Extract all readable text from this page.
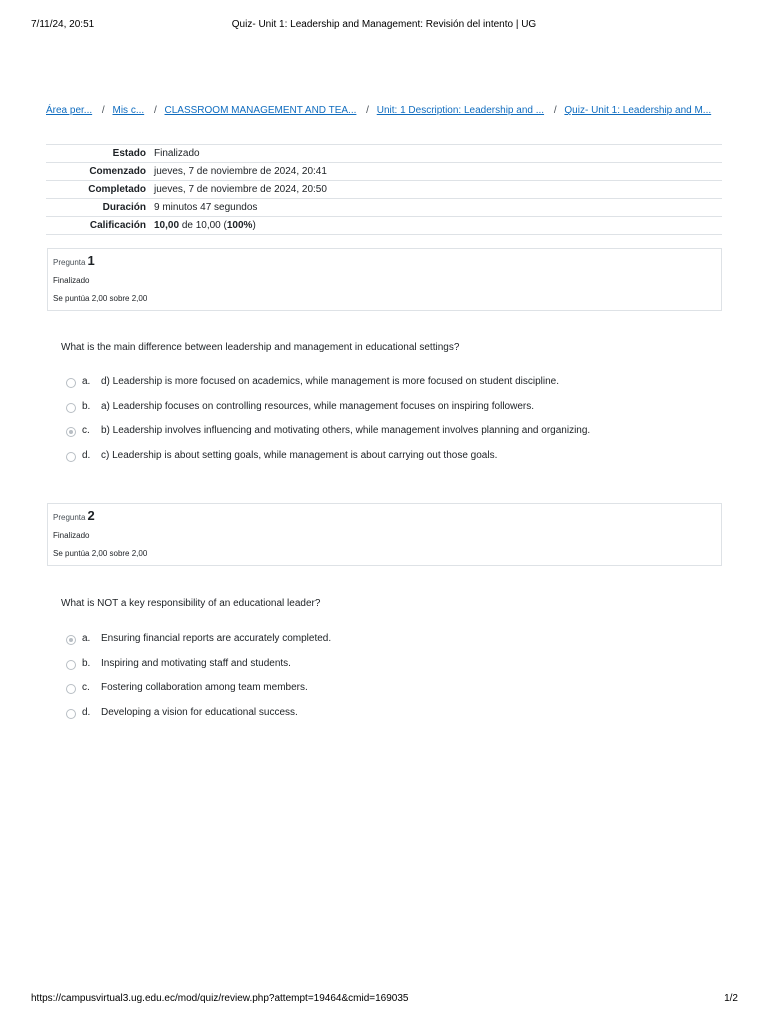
7/11/24, 20:51	Quiz- Unit 1: Leadership and Management: Revisión del intento | UG
Área per... / Mis c... / CLASSROOM MANAGEMENT AND TEA... / Unit: 1 Description: Leadership and ... / Quiz- Unit 1: Leadership and M...
Estado	Finalizado
Comenzado	jueves, 7 de noviembre de 2024, 20:41
Completado	jueves, 7 de noviembre de 2024, 20:50
Duración	9 minutos 47 segundos
Calificación	10,00 de 10,00 (100%)
Pregunta 1
Finalizado
Se puntúa 2,00 sobre 2,00
What is the main difference between leadership and management in educational settings?
a. d) Leadership is more focused on academics, while management is more focused on student discipline.
b. a) Leadership focuses on controlling resources, while management focuses on inspiring followers.
c. b) Leadership involves influencing and motivating others, while management involves planning and organizing.
d. c) Leadership is about setting goals, while management is about carrying out those goals.
Pregunta 2
Finalizado
Se puntúa 2,00 sobre 2,00
What is NOT a key responsibility of an educational leader?
a. Ensuring financial reports are accurately completed.
b. Inspiring and motivating staff and students.
c. Fostering collaboration among team members.
d. Developing a vision for educational success.
https://campusvirtual3.ug.edu.ec/mod/quiz/review.php?attempt=19464&cmid=169035	1/2
